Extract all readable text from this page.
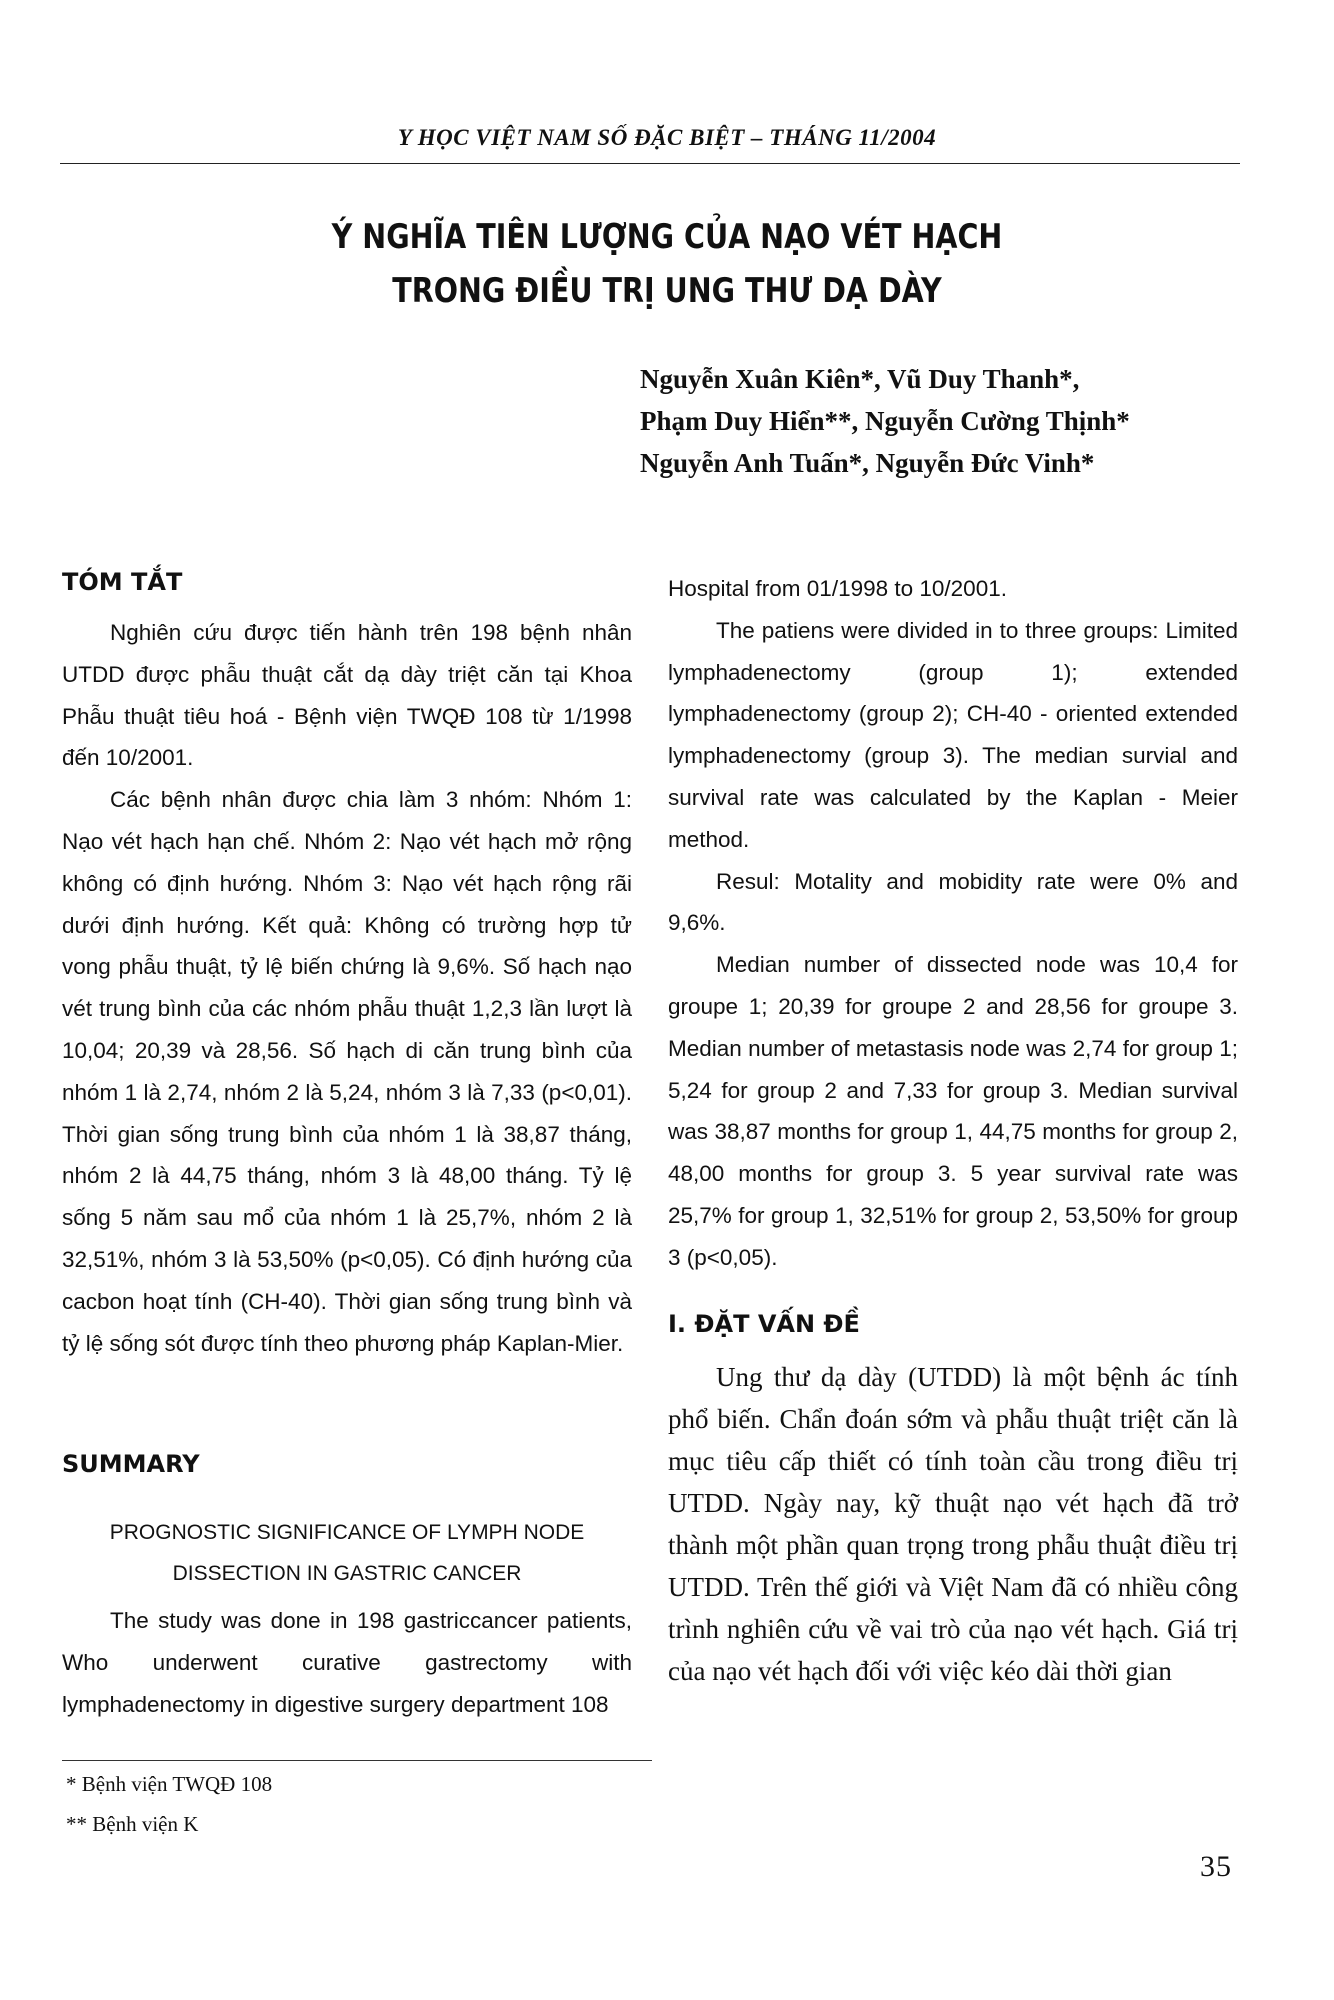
Y HỌC VIỆT NAM SỐ ĐẶC BIỆT – THÁNG 11/2004
Ý NGHĨA TIÊN LƯỢNG CỦA NẠO VÉT HẠCH
TRONG ĐIỀU TRỊ UNG THƯ DẠ DÀY
Nguyễn Xuân Kiên*, Vũ Duy Thanh*,
Phạm Duy Hiển**, Nguyễn Cường Thịnh*
Nguyễn Anh Tuấn*, Nguyễn Đức Vinh*
TÓM TẮT

Nghiên cứu được tiến hành trên 198 bệnh nhân UTDD được phẫu thuật cắt dạ dày triệt căn tại Khoa Phẫu thuật tiêu hoá - Bệnh viện TWQĐ 108 từ 1/1998 đến 10/2001.

Các bệnh nhân được chia làm 3 nhóm: Nhóm 1: Nạo vét hạch hạn chế. Nhóm 2: Nạo vét hạch mở rộng không có định hướng. Nhóm 3: Nạo vét hạch rộng rãi dưới định hướng. Kết quả: Không có trường hợp tử vong phẫu thuật, tỷ lệ biến chứng là 9,6%. Số hạch nạo vét trung bình của các nhóm phẫu thuật 1,2,3 lần lượt là 10,04; 20,39 và 28,56. Số hạch di căn trung bình của nhóm 1 là 2,74, nhóm 2 là 5,24, nhóm 3 là 7,33 (p<0,01). Thời gian sống trung bình của nhóm 1 là 38,87 tháng, nhóm 2 là 44,75 tháng, nhóm 3 là 48,00 tháng. Tỷ lệ sống 5 năm sau mổ của nhóm 1 là 25,7%, nhóm 2 là 32,51%, nhóm 3 là 53,50% (p<0,05). Có định hướng của cacbon hoạt tính (CH-40). Thời gian sống trung bình và tỷ lệ sống sót được tính theo phương pháp Kaplan-Mier.

SUMMARY
PROGNOSTIC SIGNIFICANCE OF LYMPH NODE
DISSECTION IN GASTRIC CANCER

The study was done in 198 gastriccancer patients, Who underwent curative gastrectomy with lymphadenectomy in digestive surgery department 108

* Bệnh viện TWQĐ 108
** Bệnh viện K

Hospital from 01/1998 to 10/2001.

The patiens were divided in to three groups: Limited lymphadenectomy (group 1); extended lymphadenectomy (group 2); CH-40 - oriented extended lymphadenectomy (group 3). The median survial and survival rate was calculated by the Kaplan - Meier method.

Resul: Motality and mobidity rate were 0% and 9,6%.

Median number of dissected node was 10,4 for groupe 1; 20,39 for groupe 2 and 28,56 for groupe 3. Median number of metastasis node was 2,74 for group 1; 5,24 for group 2 and 7,33 for group 3. Median survival was 38,87 months for group 1, 44,75 months for group 2, 48,00 months for group 3. 5 year survival rate was 25,7% for group 1, 32,51% for group 2, 53,50% for group 3 (p<0,05).

I. ĐẶT VẤN ĐỀ

Ung thư dạ dày (UTDD) là một bệnh ác tính phổ biến. Chẩn đoán sớm và phẫu thuật triệt căn là mục tiêu cấp thiết có tính toàn cầu trong điều trị UTDD. Ngày nay, kỹ thuật nạo vét hạch đã trở thành một phần quan trọng trong phẫu thuật điều trị UTDD. Trên thế giới và Việt Nam đã có nhiều công trình nghiên cứu về vai trò của nạo vét hạch. Giá trị của nạo vét hạch đối với việc kéo dài thời gian

35
